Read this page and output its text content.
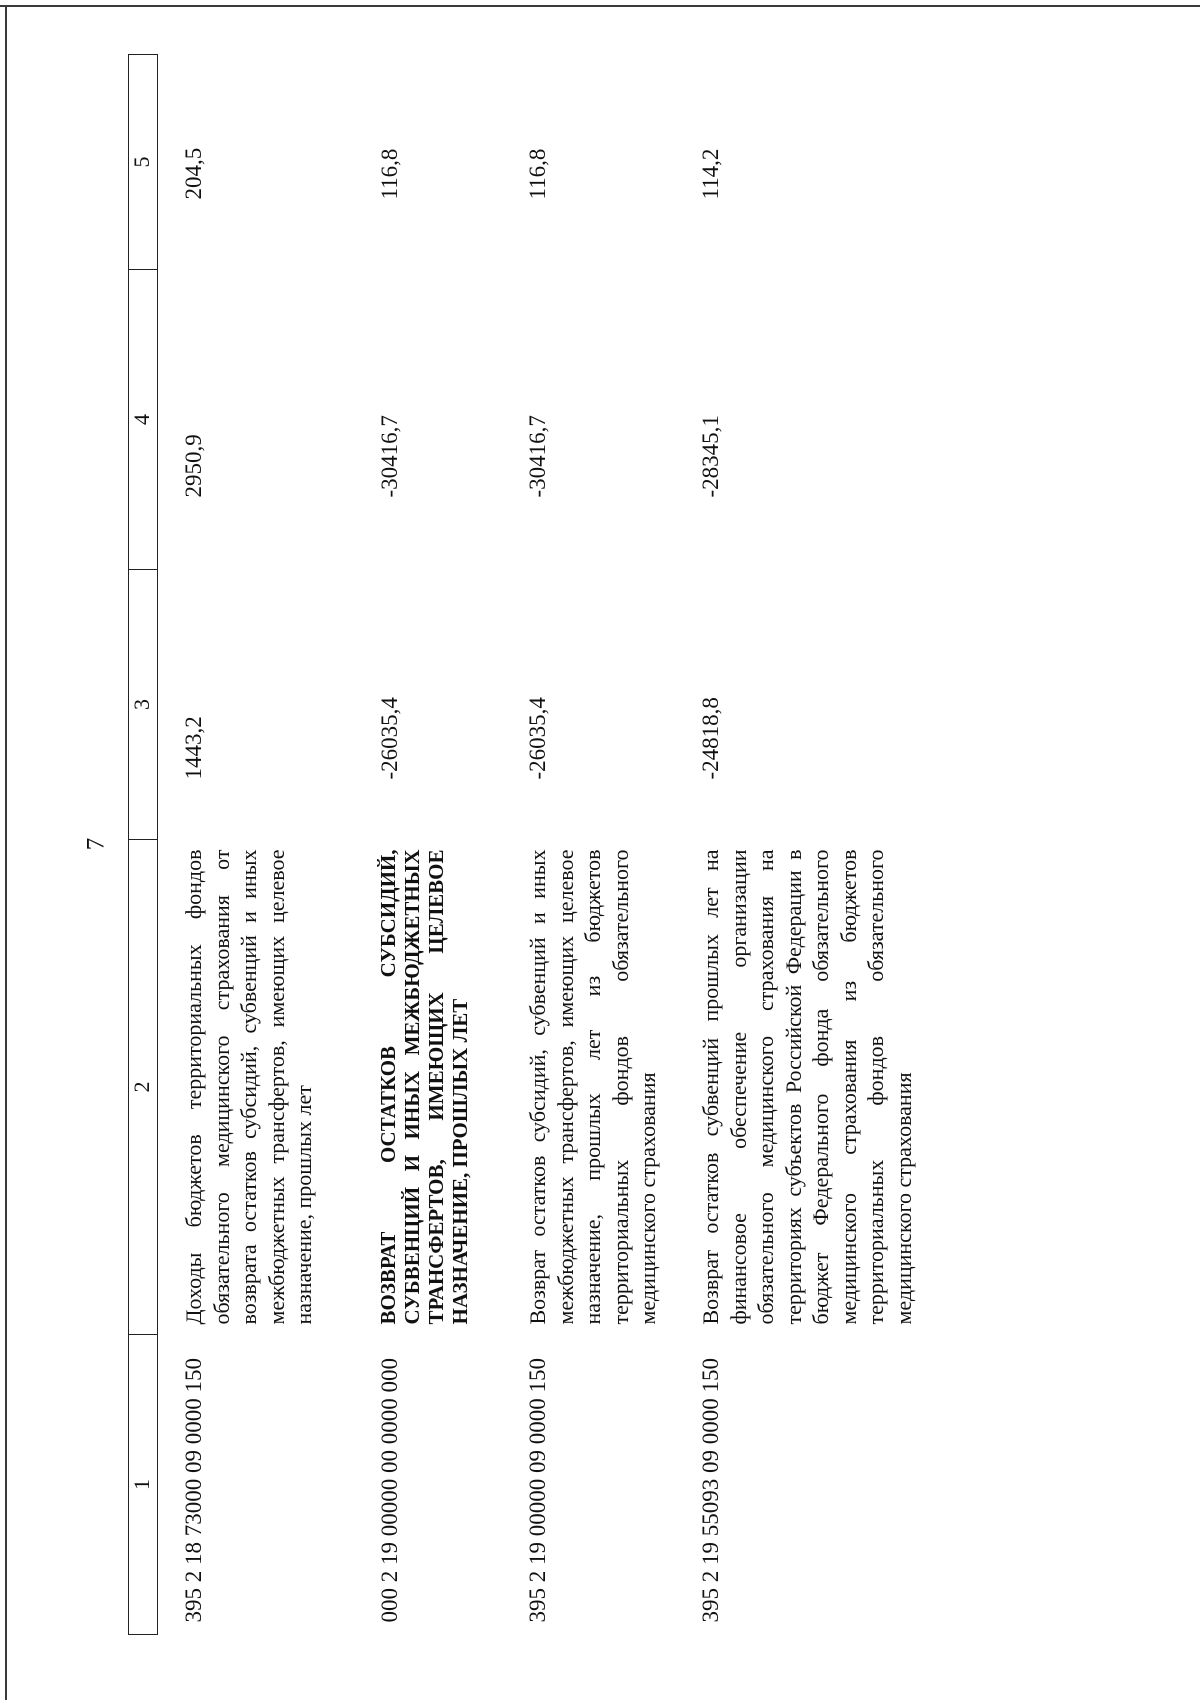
7
1	2	3	4	5
395 2 18 73000 09 0000 150	Доходы бюджетов территориальных фондов обязательного медицинского страхования от возврата остатков субсидий, субвенций и иных межбюджетных трансфертов, имеющих целевое назначение, прошлых лет	1443,2	2950,9	204,5
000 2 19 00000 00 0000 000	ВОЗВРАТ ОСТАТКОВ СУБСИДИЙ, СУБВЕНЦИЙ И ИНЫХ МЕЖБЮДЖЕТНЫХ ТРАНСФЕРТОВ, ИМЕЮЩИХ ЦЕЛЕВОЕ НАЗНАЧЕНИЕ, ПРОШЛЫХ ЛЕТ	-26035,4	-30416,7	116,8
395 2 19 00000 09 0000 150	Возврат остатков субсидий, субвенций и иных межбюджетных трансфертов, имеющих целевое назначение, прошлых лет из бюджетов территориальных фондов обязательного медицинского страхования	-26035,4	-30416,7	116,8
395 2 19 55093 09 0000 150	Возврат остатков субвенций прошлых лет на финансовое обеспечение организации обязательного медицинского страхования на территориях субъектов Российской Федерации в бюджет Федерального фонда обязательного медицинского страхования из бюджетов территориальных фондов обязательного медицинского страхования	-24818,8	-28345,1	114,2
